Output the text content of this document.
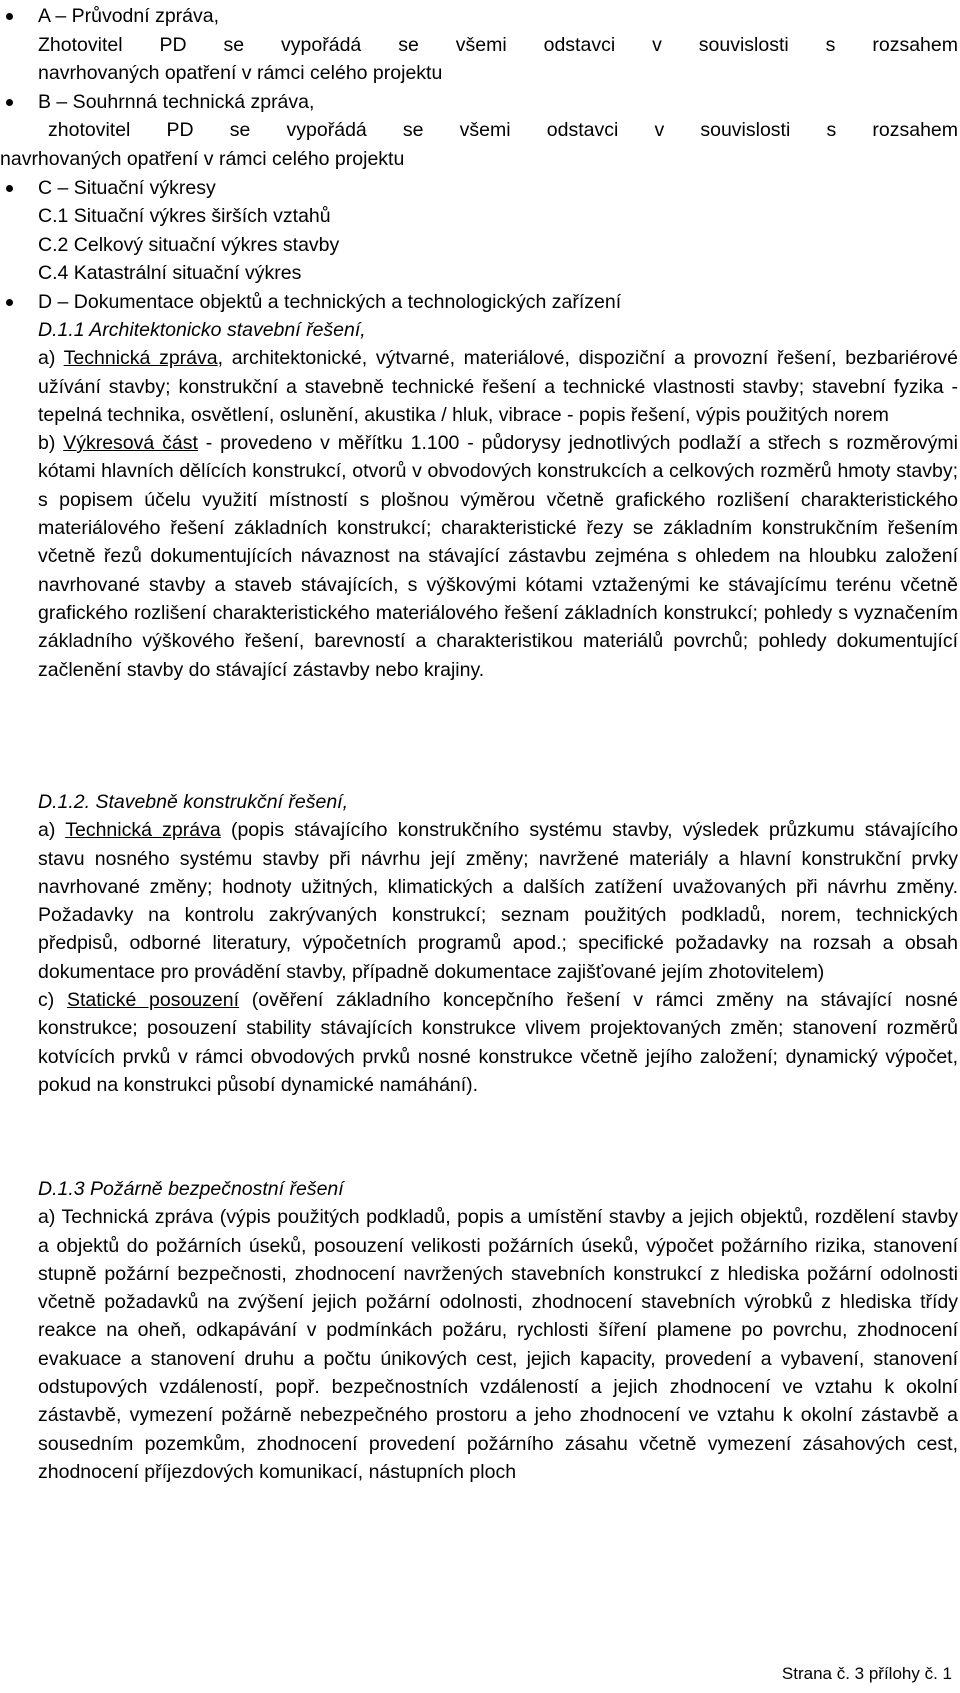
A – Průvodní zpráva,
Zhotovitel PD se vypořádá se všemi odstavci v souvislosti s rozsahem
navrhovaných opatření v rámci celého projektu
B – Souhrnná technická zpráva,
zhotovitel PD se vypořádá se všemi odstavci v souvislosti s rozsahem
navrhovaných opatření v rámci celého projektu
C – Situační výkresy
C.1 Situační výkres širších vztahů
C.2 Celkový situační výkres stavby
C.4 Katastrální situační výkres
D – Dokumentace objektů a technických a technologických zařízení

D.1.1 Architektonicko stavební řešení,

a) Technická zpráva, architektonické, výtvarné, materiálové, dispoziční a provozní řešení, bezbariérové užívání stavby; konstrukční a stavebně technické řešení a technické vlastnosti stavby; stavební fyzika - tepelná technika, osvětlení, oslunění, akustika / hluk, vibrace - popis řešení, výpis použitých norem

b) Výkresová část - provedeno v měřítku 1.100 - půdorysy jednotlivých podlaží a střech s rozměrovými kótami hlavních dělících konstrukcí, otvorů v obvodových konstrukcích a celkových rozměrů hmoty stavby; s popisem účelu využití místností s plošnou výměrou včetně grafického rozlišení charakteristického materiálového řešení základních konstrukcí; charakteristické řezy se základním konstrukčním řešením včetně řezů dokumentujících návaznost na stávající zástavbu zejména s ohledem na hloubku založení navrhované stavby a staveb stávajících, s výškovými kótami vztaženými ke stávajícímu terénu včetně grafického rozlišení charakteristického materiálového řešení základních konstrukcí; pohledy s vyznačením základního výškového řešení, barevností a charakteristikou materiálů povrchů; pohledy dokumentující začlenění stavby do stávající zástavby nebo krajiny.

D.1.2. Stavebně konstrukční řešení,

a) Technická zpráva (popis stávajícího konstrukčního systému stavby, výsledek průzkumu stávajícího stavu nosného systému stavby při návrhu její změny; navržené materiály a hlavní konstrukční prvky navrhované změny; hodnoty užitných, klimatických a dalších zatížení uvažovaných při návrhu změny. Požadavky na kontrolu zakrývaných konstrukcí; seznam použitých podkladů, norem, technických předpisů, odborné literatury, výpočetních programů apod.; specifické požadavky na rozsah a obsah dokumentace pro provádění stavby, případně dokumentace zajišťované jejím zhotovitelem)

c) Statické posouzení (ověření základního koncepčního řešení v rámci změny na stávající nosné konstrukce; posouzení stability stávajících konstrukce vlivem projektovaných změn; stanovení rozměrů kotvících prvků v rámci obvodových prvků nosné konstrukce včetně jejího založení; dynamický výpočet, pokud na konstrukci působí dynamické namáhání).

D.1.3 Požárně bezpečnostní řešení

a) Technická zpráva (výpis použitých podkladů, popis a umístění stavby a jejich objektů, rozdělení stavby a objektů do požárních úseků, posouzení velikosti požárních úseků, výpočet požárního rizika, stanovení stupně požární bezpečnosti, zhodnocení navržených stavebních konstrukcí z hlediska požární odolnosti včetně požadavků na zvýšení jejich požární odolnosti, zhodnocení stavebních výrobků z hlediska třídy reakce na oheň, odkapávání v podmínkách požáru, rychlosti šíření plamene po povrchu, zhodnocení evakuace a stanovení druhu a počtu únikových cest, jejich kapacity, provedení a vybavení, stanovení odstupových vzdáleností, popř. bezpečnostních vzdáleností a jejich zhodnocení ve vztahu k okolní zástavbě, vymezení požárně nebezpečného prostoru a jeho zhodnocení ve vztahu k okolní zástavbě a sousedním pozemkům, zhodnocení provedení požárního zásahu včetně vymezení zásahových cest, zhodnocení příjezdových komunikací, nástupních ploch

Strana č. 3 přílohy č. 1
